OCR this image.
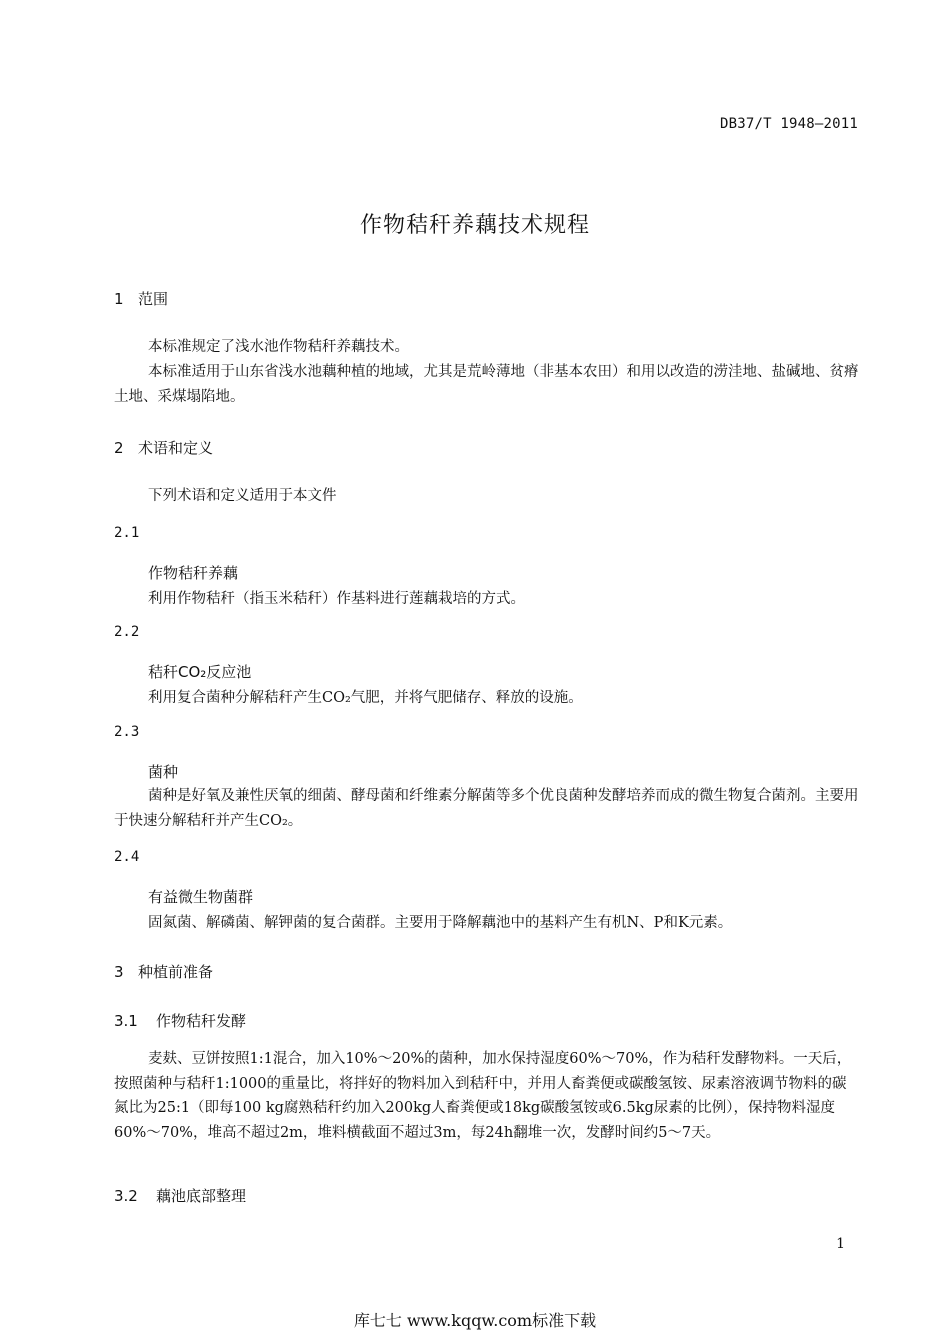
DB37/T 1948—2011
作物秸秆养藕技术规程
1 范围
本标准规定了浅水池作物秸秆养藕技术。
本标准适用于山东省浅水池藕种植的地域，尤其是荒岭薄地（非基本农田）和用以改造的涝洼地、盐碱地、贫瘠土地、采煤塌陷地。
2 术语和定义
下列术语和定义适用于本文件
2.1
作物秸秆养藕
利用作物秸秆（指玉米秸秆）作基料进行莲藕栽培的方式。
2.2
秸秆CO₂反应池
利用复合菌种分解秸秆产生CO₂气肥，并将气肥储存、释放的设施。
2.3
菌种
菌种是好氧及兼性厌氧的细菌、酵母菌和纤维素分解菌等多个优良菌种发酵培养而成的微生物复合菌剂。主要用于快速分解秸秆并产生CO₂。
2.4
有益微生物菌群
固氮菌、解磷菌、解钾菌的复合菌群。主要用于降解藕池中的基料产生有机N、P和K元素。
3 种植前准备
3.1 作物秸秆发酵
麦麸、豆饼按照1:1混合，加入10%～20%的菌种，加水保持湿度60%～70%，作为秸秆发酵物料。一天后，按照菌种与秸秆1:1000的重量比，将拌好的物料加入到秸秆中，并用人畜粪便或碳酸氢铵、尿素溶液调节物料的碳氮比为25:1（即每100 kg腐熟秸秆约加入200kg人畜粪便或18kg碳酸氢铵或6.5kg尿素的比例），保持物料湿度60%～70%，堆高不超过2m，堆料横截面不超过3m，每24h翻堆一次，发酵时间约5～7天。
3.2 藕池底部整理
1
库七七 www.kqqw.com标准下载
